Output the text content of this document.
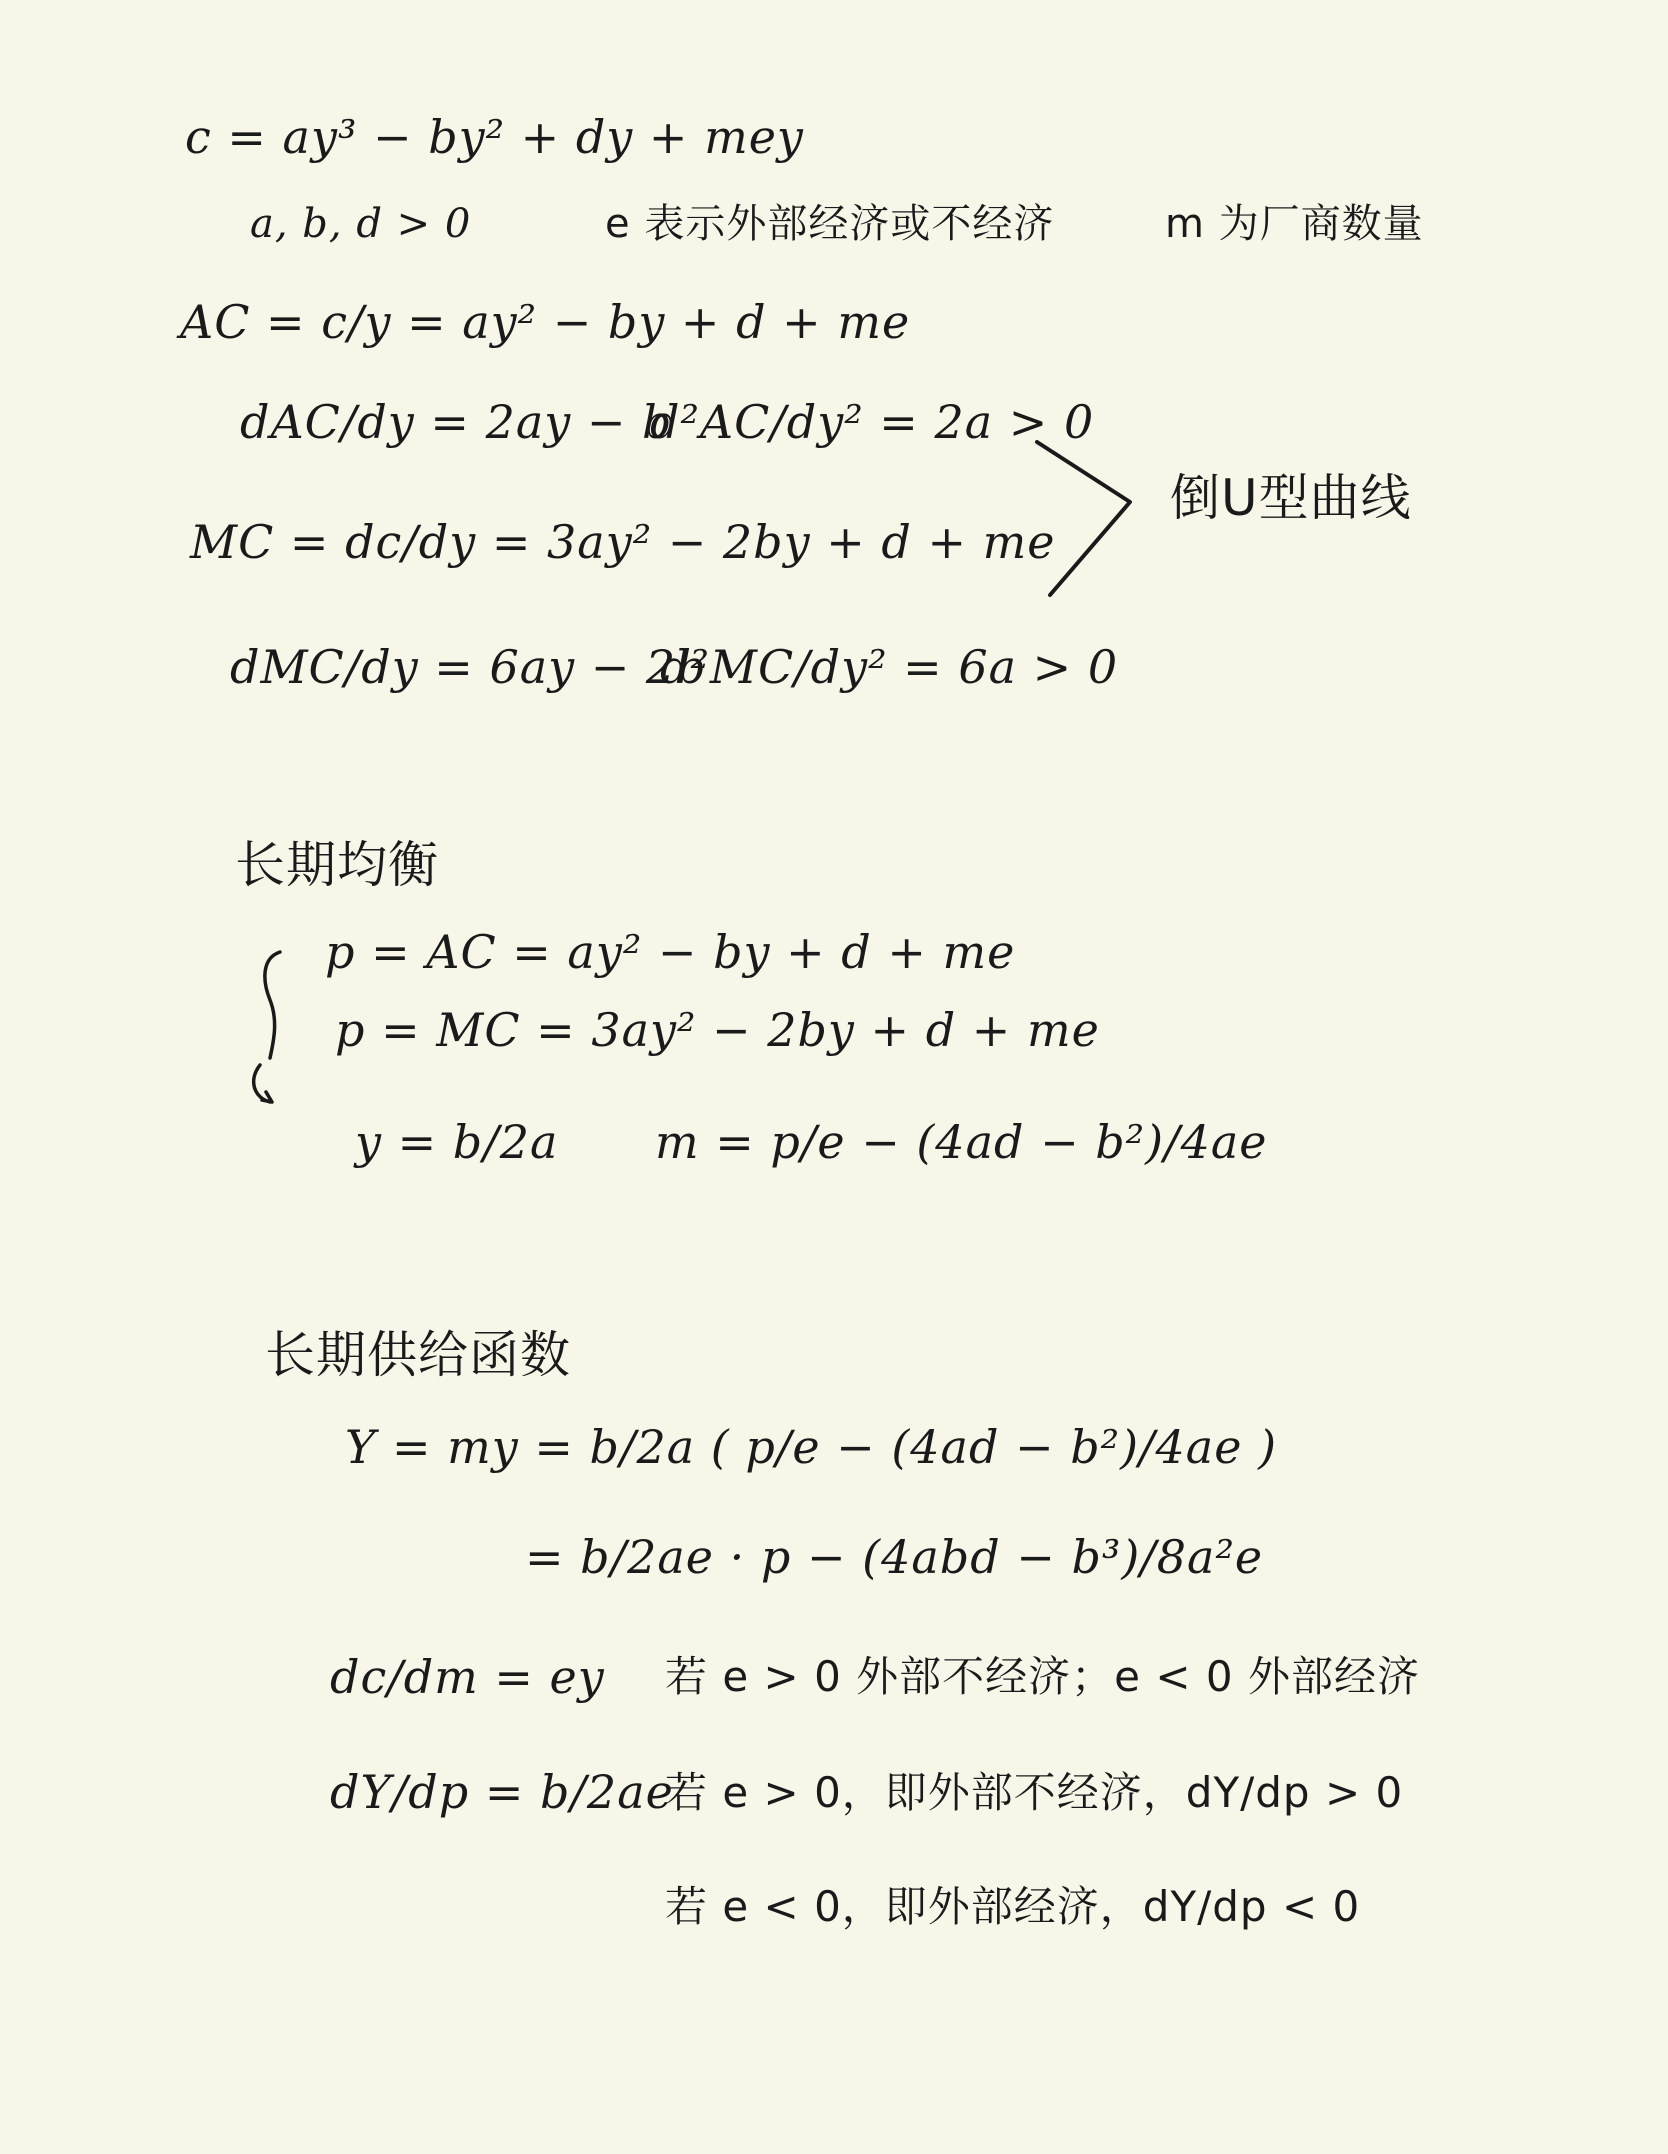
c = ay³ − by² + dy + mey
a, b, d > 0	e 表示外部经济或不经济	m 为厂商数量
AC = c/y = ay² − by + d + me
dAC/dy = 2ay − b
d²AC/dy² = 2a > 0
MC = dc/dy = 3ay² − 2by + d + me
dMC/dy = 6ay − 2b
d²MC/dy² = 6a > 0
倒U型曲线
长期均衡
p = AC = ay² − by + d + me
p = MC = 3ay² − 2by + d + me
y = b/2a m = p/e − (4ad − b²)/4ae
长期供给函数
Y = my = b/2a ( p/e − (4ad − b²)/4ae )
= b/2ae · p − (4abd − b³)/8a²e
dc/dm = ey 若 e > 0 外部不经济；e < 0 外部经济
dY/dp = b/2ae
若 e > 0，即外部不经济，dY/dp > 0
若 e < 0，即外部经济，dY/dp < 0
